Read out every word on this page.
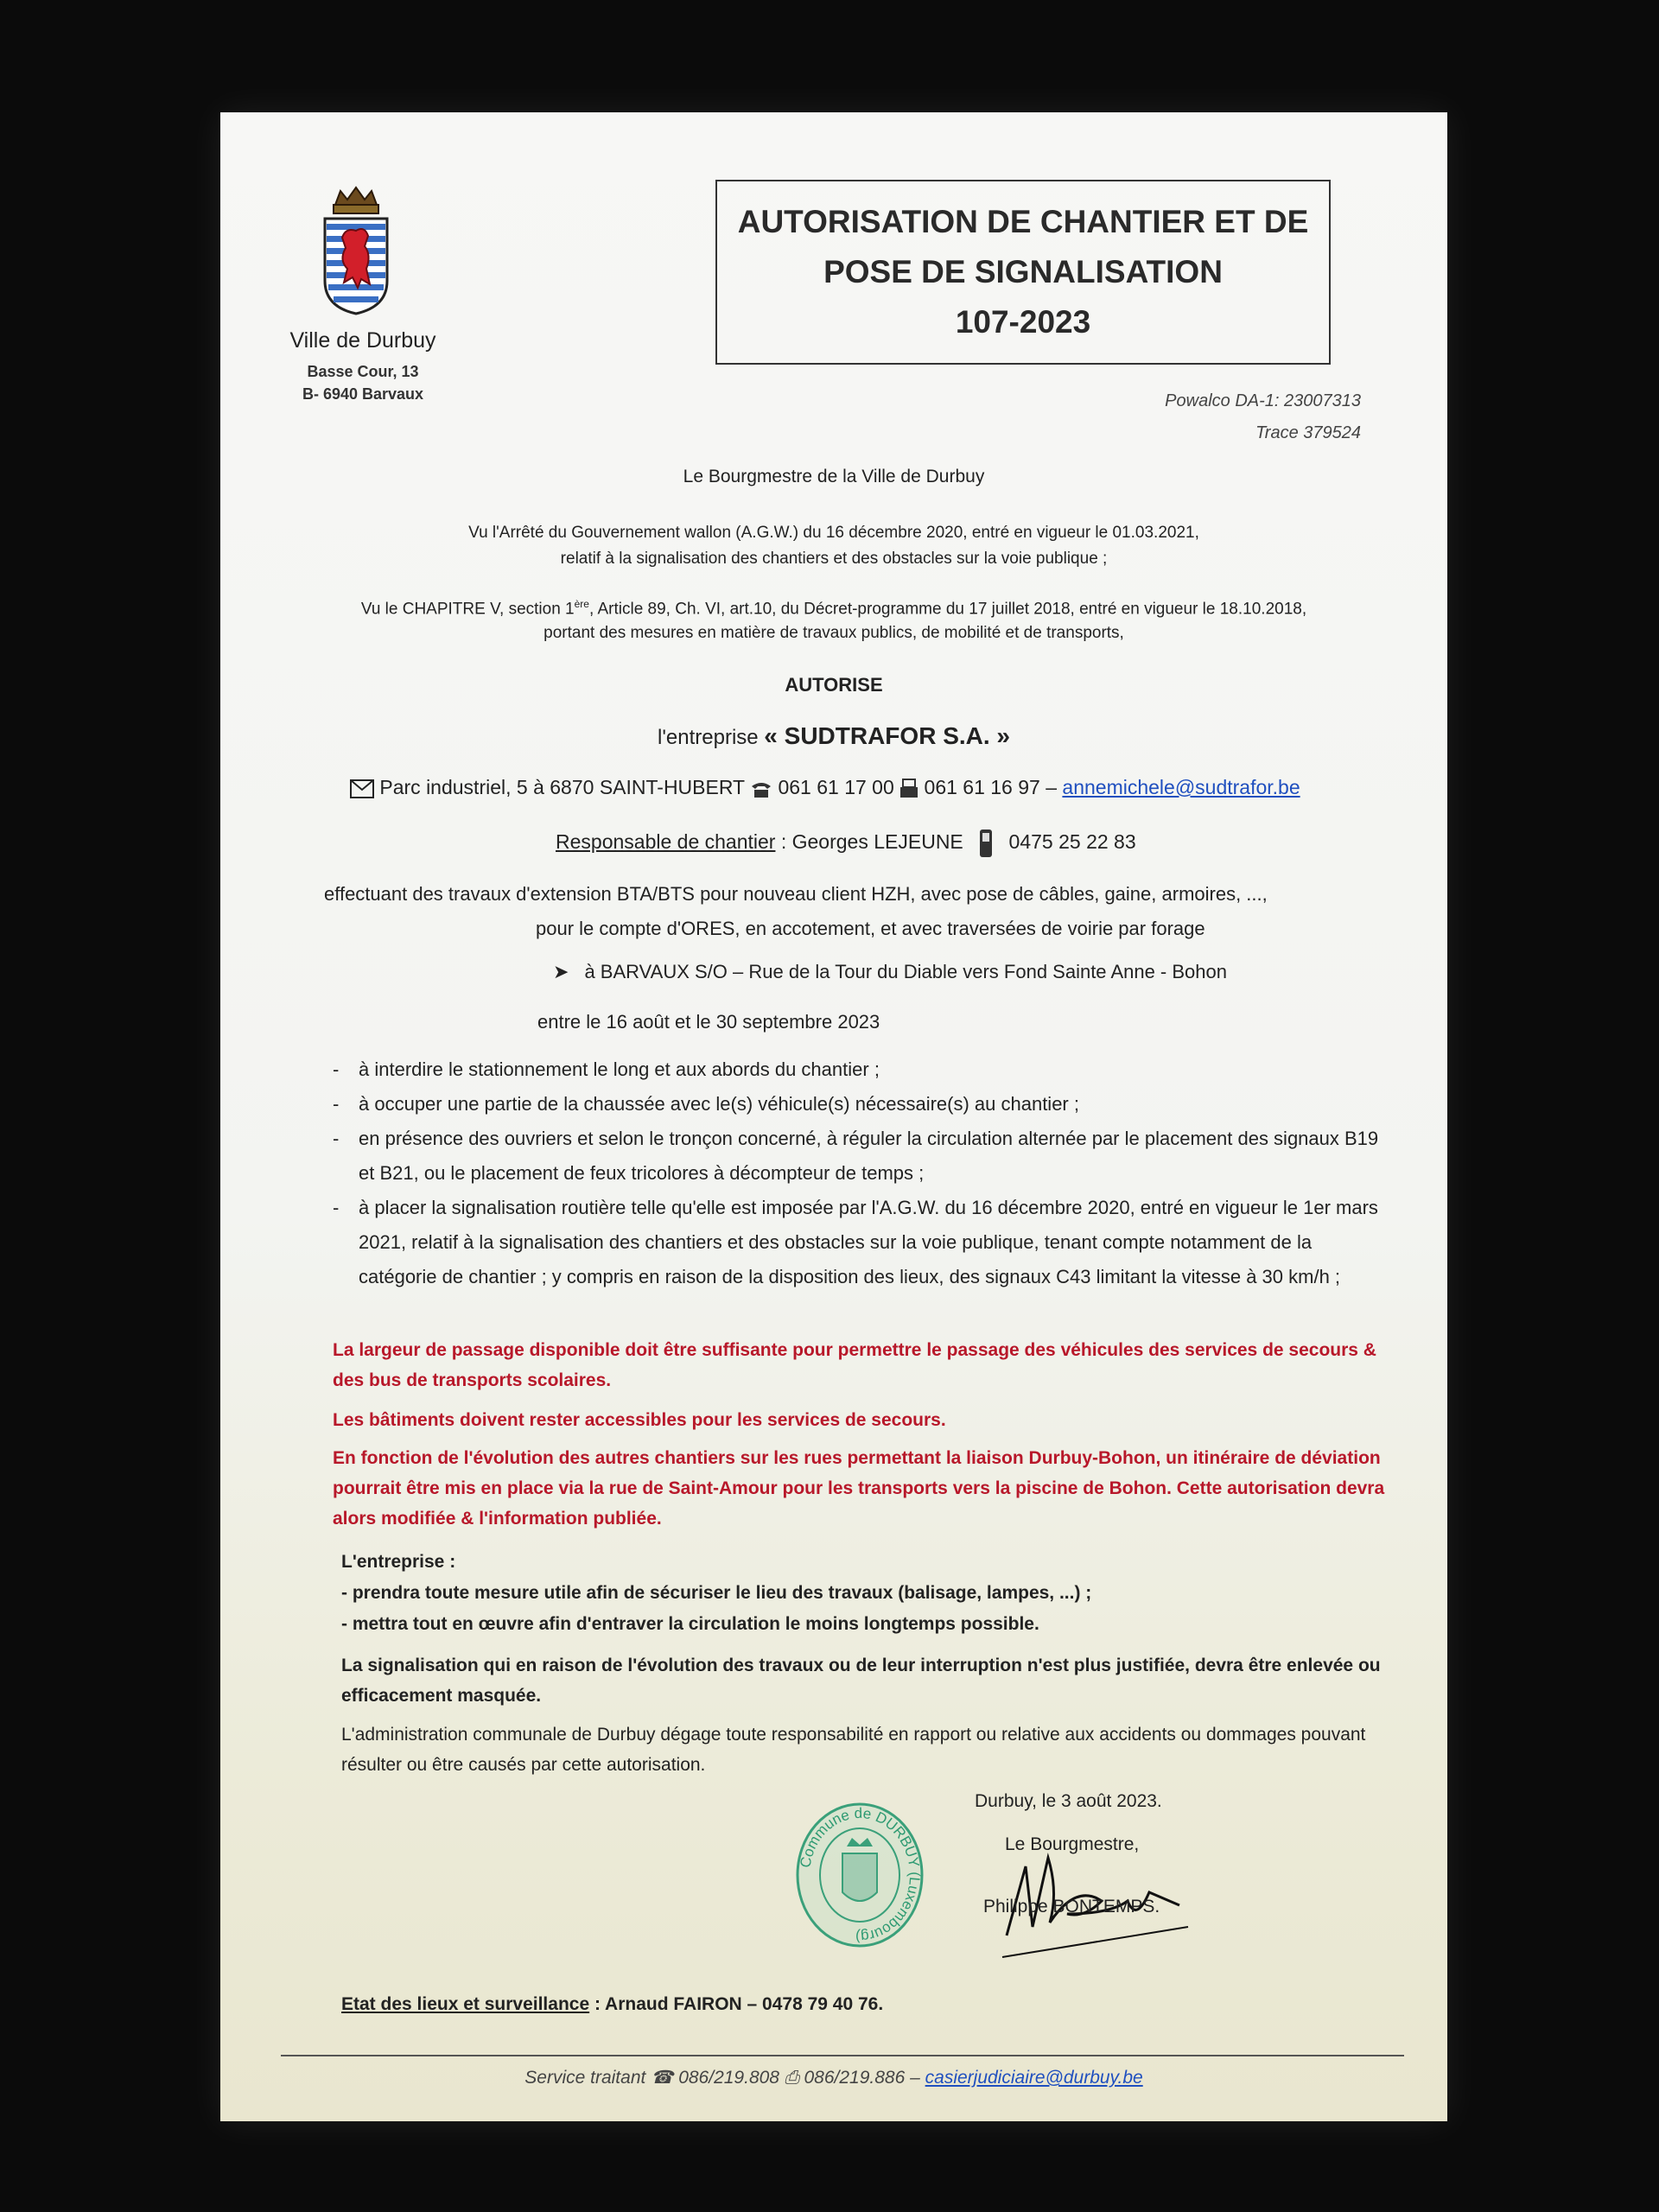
Ville de Durbuy
Basse Cour, 13
B- 6940 Barvaux
AUTORISATION DE CHANTIER ET DE
POSE DE SIGNALISATION
107-2023
Powalco DA-1: 23007313
Trace 379524
Le Bourgmestre de la Ville de Durbuy
Vu l'Arrêté du Gouvernement wallon (A.G.W.) du 16 décembre 2020, entré en vigueur le 01.03.2021,
relatif à la signalisation des chantiers et des obstacles sur la voie publique ;
Vu le CHAPITRE V, section 1ère, Article 89, Ch. VI, art.10, du Décret-programme du 17 juillet 2018, entré en vigueur le 18.10.2018,
portant des mesures en matière de travaux publics, de mobilité et de transports,
AUTORISE
l'entreprise « SUDTRAFOR S.A. »
Parc industriel, 5 à 6870 SAINT-HUBERT 061 61 17 00 061 61 16 97 – annemichele@sudtrafor.be
Responsable de chantier : Georges LEJEUNE 0475 25 22 83
effectuant des travaux d'extension BTA/BTS pour nouveau client HZH, avec pose de câbles, gaine, armoires, ...,
pour le compte d'ORES, en accotement, et avec traversées de voirie par forage
➤ à BARVAUX S/O – Rue de la Tour du Diable vers Fond Sainte Anne - Bohon
entre le 16 août et le 30 septembre 2023
- à interdire le stationnement le long et aux abords du chantier ;
- à occuper une partie de la chaussée avec le(s) véhicule(s) nécessaire(s) au chantier ;
- en présence des ouvriers et selon le tronçon concerné, à réguler la circulation alternée par le placement des signaux B19 et B21, ou le placement de feux tricolores à décompteur de temps ;
- à placer la signalisation routière telle qu'elle est imposée par l'A.G.W. du 16 décembre 2020, entré en vigueur le 1er mars 2021, relatif à la signalisation des chantiers et des obstacles sur la voie publique, tenant compte notamment de la catégorie de chantier ; y compris en raison de la disposition des lieux, des signaux C43 limitant la vitesse à 30 km/h ;
La largeur de passage disponible doit être suffisante pour permettre le passage des véhicules des services de secours & des bus de transports scolaires.
Les bâtiments doivent rester accessibles pour les services de secours.
En fonction de l'évolution des autres chantiers sur les rues permettant la liaison Durbuy-Bohon, un itinéraire de déviation pourrait être mis en place via la rue de Saint-Amour pour les transports vers la piscine de Bohon. Cette autorisation devra alors modifiée & l'information publiée.
L'entreprise :
- prendra toute mesure utile afin de sécuriser le lieu des travaux (balisage, lampes, ...) ;
- mettra tout en œuvre afin d'entraver la circulation le moins longtemps possible.
La signalisation qui en raison de l'évolution des travaux ou de leur interruption n'est plus justifiée, devra être enlevée ou efficacement masquée.
L'administration communale de Durbuy dégage toute responsabilité en rapport ou relative aux accidents ou dommages pouvant résulter ou être causés par cette autorisation.
Commune de DURBUY (Luxembourg)
Durbuy, le 3 août 2023.
Le Bourgmestre,
Philippe BONTEMPS.
Etat des lieux et surveillance : Arnaud FAIRON – 0478 79 40 76.
Service traitant ☎ 086/219.808 ⎙ 086/219.886 – casierjudiciaire@durbuy.be
